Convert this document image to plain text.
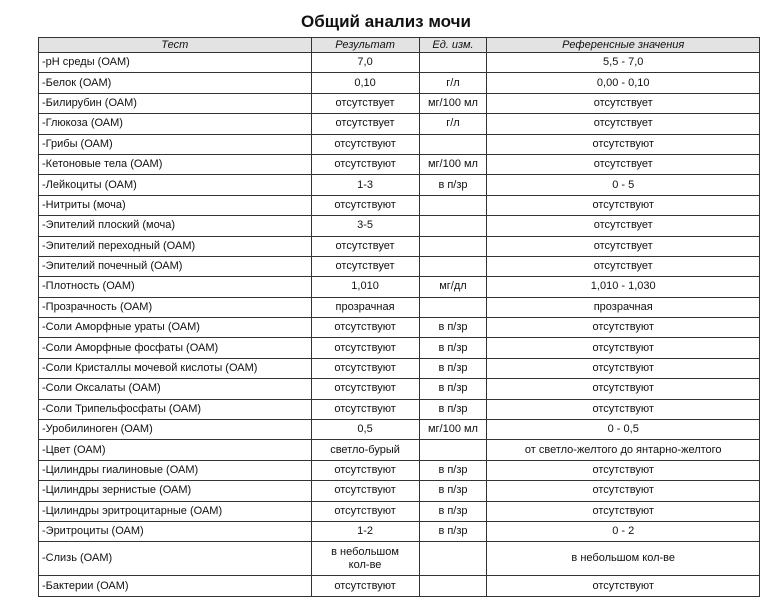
Общий анализ мочи
Тест	Результат	Ед. изм.	Референсные значения
-pH среды (ОАМ)	7,0		5,5 - 7,0
-Белок (ОАМ)	0,10	г/л	0,00 - 0,10
-Билирубин (ОАМ)	отсутствует	мг/100 мл	отсутствует
-Глюкоза (ОАМ)	отсутствует	г/л	отсутствует
-Грибы (ОАМ)	отсутствуют		отсутствуют
-Кетоновые тела (ОАМ)	отсутствуют	мг/100 мл	отсутствует
-Лейкоциты (ОАМ)	1-3	в п/зр	0 - 5
-Нитриты (моча)	отсутствуют		отсутствуют
-Эпителий плоский (моча)	3-5		отсутствует
-Эпителий переходный (ОАМ)	отсутствует		отсутствует
-Эпителий почечный (ОАМ)	отсутствует		отсутствует
-Плотность (ОАМ)	1,010	мг/дл	1,010 - 1,030
-Прозрачность (ОАМ)	прозрачная		прозрачная
-Соли Аморфные ураты (ОАМ)	отсутствуют	в п/зр	отсутствуют
-Соли Аморфные фосфаты (ОАМ)	отсутствуют	в п/зр	отсутствуют
-Соли Кристаллы мочевой кислоты (ОАМ)	отсутствуют	в п/зр	отсутствуют
-Соли Оксалаты (ОАМ)	отсутствуют	в п/зр	отсутствуют
-Соли Трипельфосфаты (ОАМ)	отсутствуют	в п/зр	отсутствуют
-Уробилиноген (ОАМ)	0,5	мг/100 мл	0 - 0,5
-Цвет (ОАМ)	светло-бурый		от светло-желтого до янтарно-желтого
-Цилиндры гиалиновые (ОАМ)	отсутствуют	в п/зр	отсутствуют
-Цилиндры зернистые (ОАМ)	отсутствуют	в п/зр	отсутствуют
-Цилиндры эритроцитарные (ОАМ)	отсутствуют	в п/зр	отсутствуют
-Эритроциты (ОАМ)	1-2	в п/зр	0 - 2
-Слизь (ОАМ)	в небольшом кол-ве		в небольшом кол-ве
-Бактерии (ОАМ)	отсутствуют		отсутствуют
